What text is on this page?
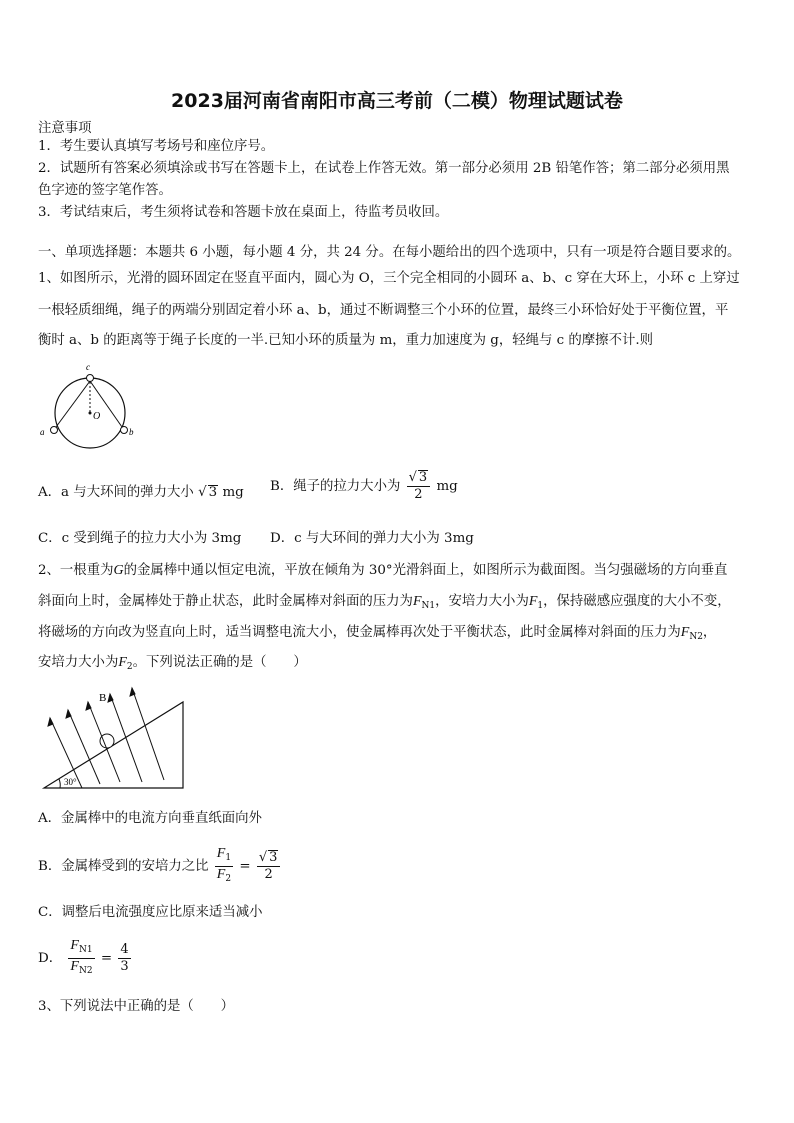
2023届河南省南阳市高三考前（二模）物理试题试卷
注意事项
1．考生要认真填写考场号和座位序号。
2．试题所有答案必须填涂或书写在答题卡上，在试卷上作答无效。第一部分必须用 2B 铅笔作答；第二部分必须用黑
色字迹的签字笔作答。
3．考试结束后，考生须将试卷和答题卡放在桌面上，待监考员收回。
一、单项选择题：本题共 6 小题，每小题 4 分，共 24 分。在每小题给出的四个选项中，只有一项是符合题目要求的。
1、如图所示，光滑的圆环固定在竖直平面内，圆心为 O，三个完全相同的小圆环 a、b、c 穿在大环上，小环 c 上穿过
一根轻质细绳，绳子的两端分别固定着小环 a、b，通过不断调整三个小环的位置，最终三小环恰好处于平衡位置，平
衡时 a、b 的距离等于绳子长度的一半.已知小环的质量为 m，重力加速度为 g，轻绳与 c 的摩擦不计.则
c
O
a	b
A．a 与大环间的弹力大小 √ 3 mg B．绳子的拉力大小为 $\frac{√ 3}{2}$ mg
C．c 受到绳子的拉力大小为 3mg D．c 与大环间的弹力大小为 3mg
2、一根重为G的金属棒中通以恒定电流，平放在倾角为 30°光滑斜面上，如图所示为截面图。当匀强磁场的方向垂直
斜面向上时，金属棒处于静止状态，此时金属棒对斜面的压力为$F_{N1}$，安培力大小为$F_1$，保持磁感应强度的大小不变，
将磁场的方向改为竖直向上时，适当调整电流大小，使金属棒再次处于平衡状态，此时金属棒对斜面的压力为$F_{N2}$，
安培力大小为$F_2$。下列说法正确的是（　　）
30°
B
A．金属棒中的电流方向垂直纸面向外
B．金属棒受到的安培力之比 $\frac{F_1}{F_2} = \frac{√ 3}{2}$
C．调整后电流强度应比原来适当减小
D． $\frac{F_{N1}}{F_{N2}} = \frac{4}{3}$
3、下列说法中正确的是（　　）
